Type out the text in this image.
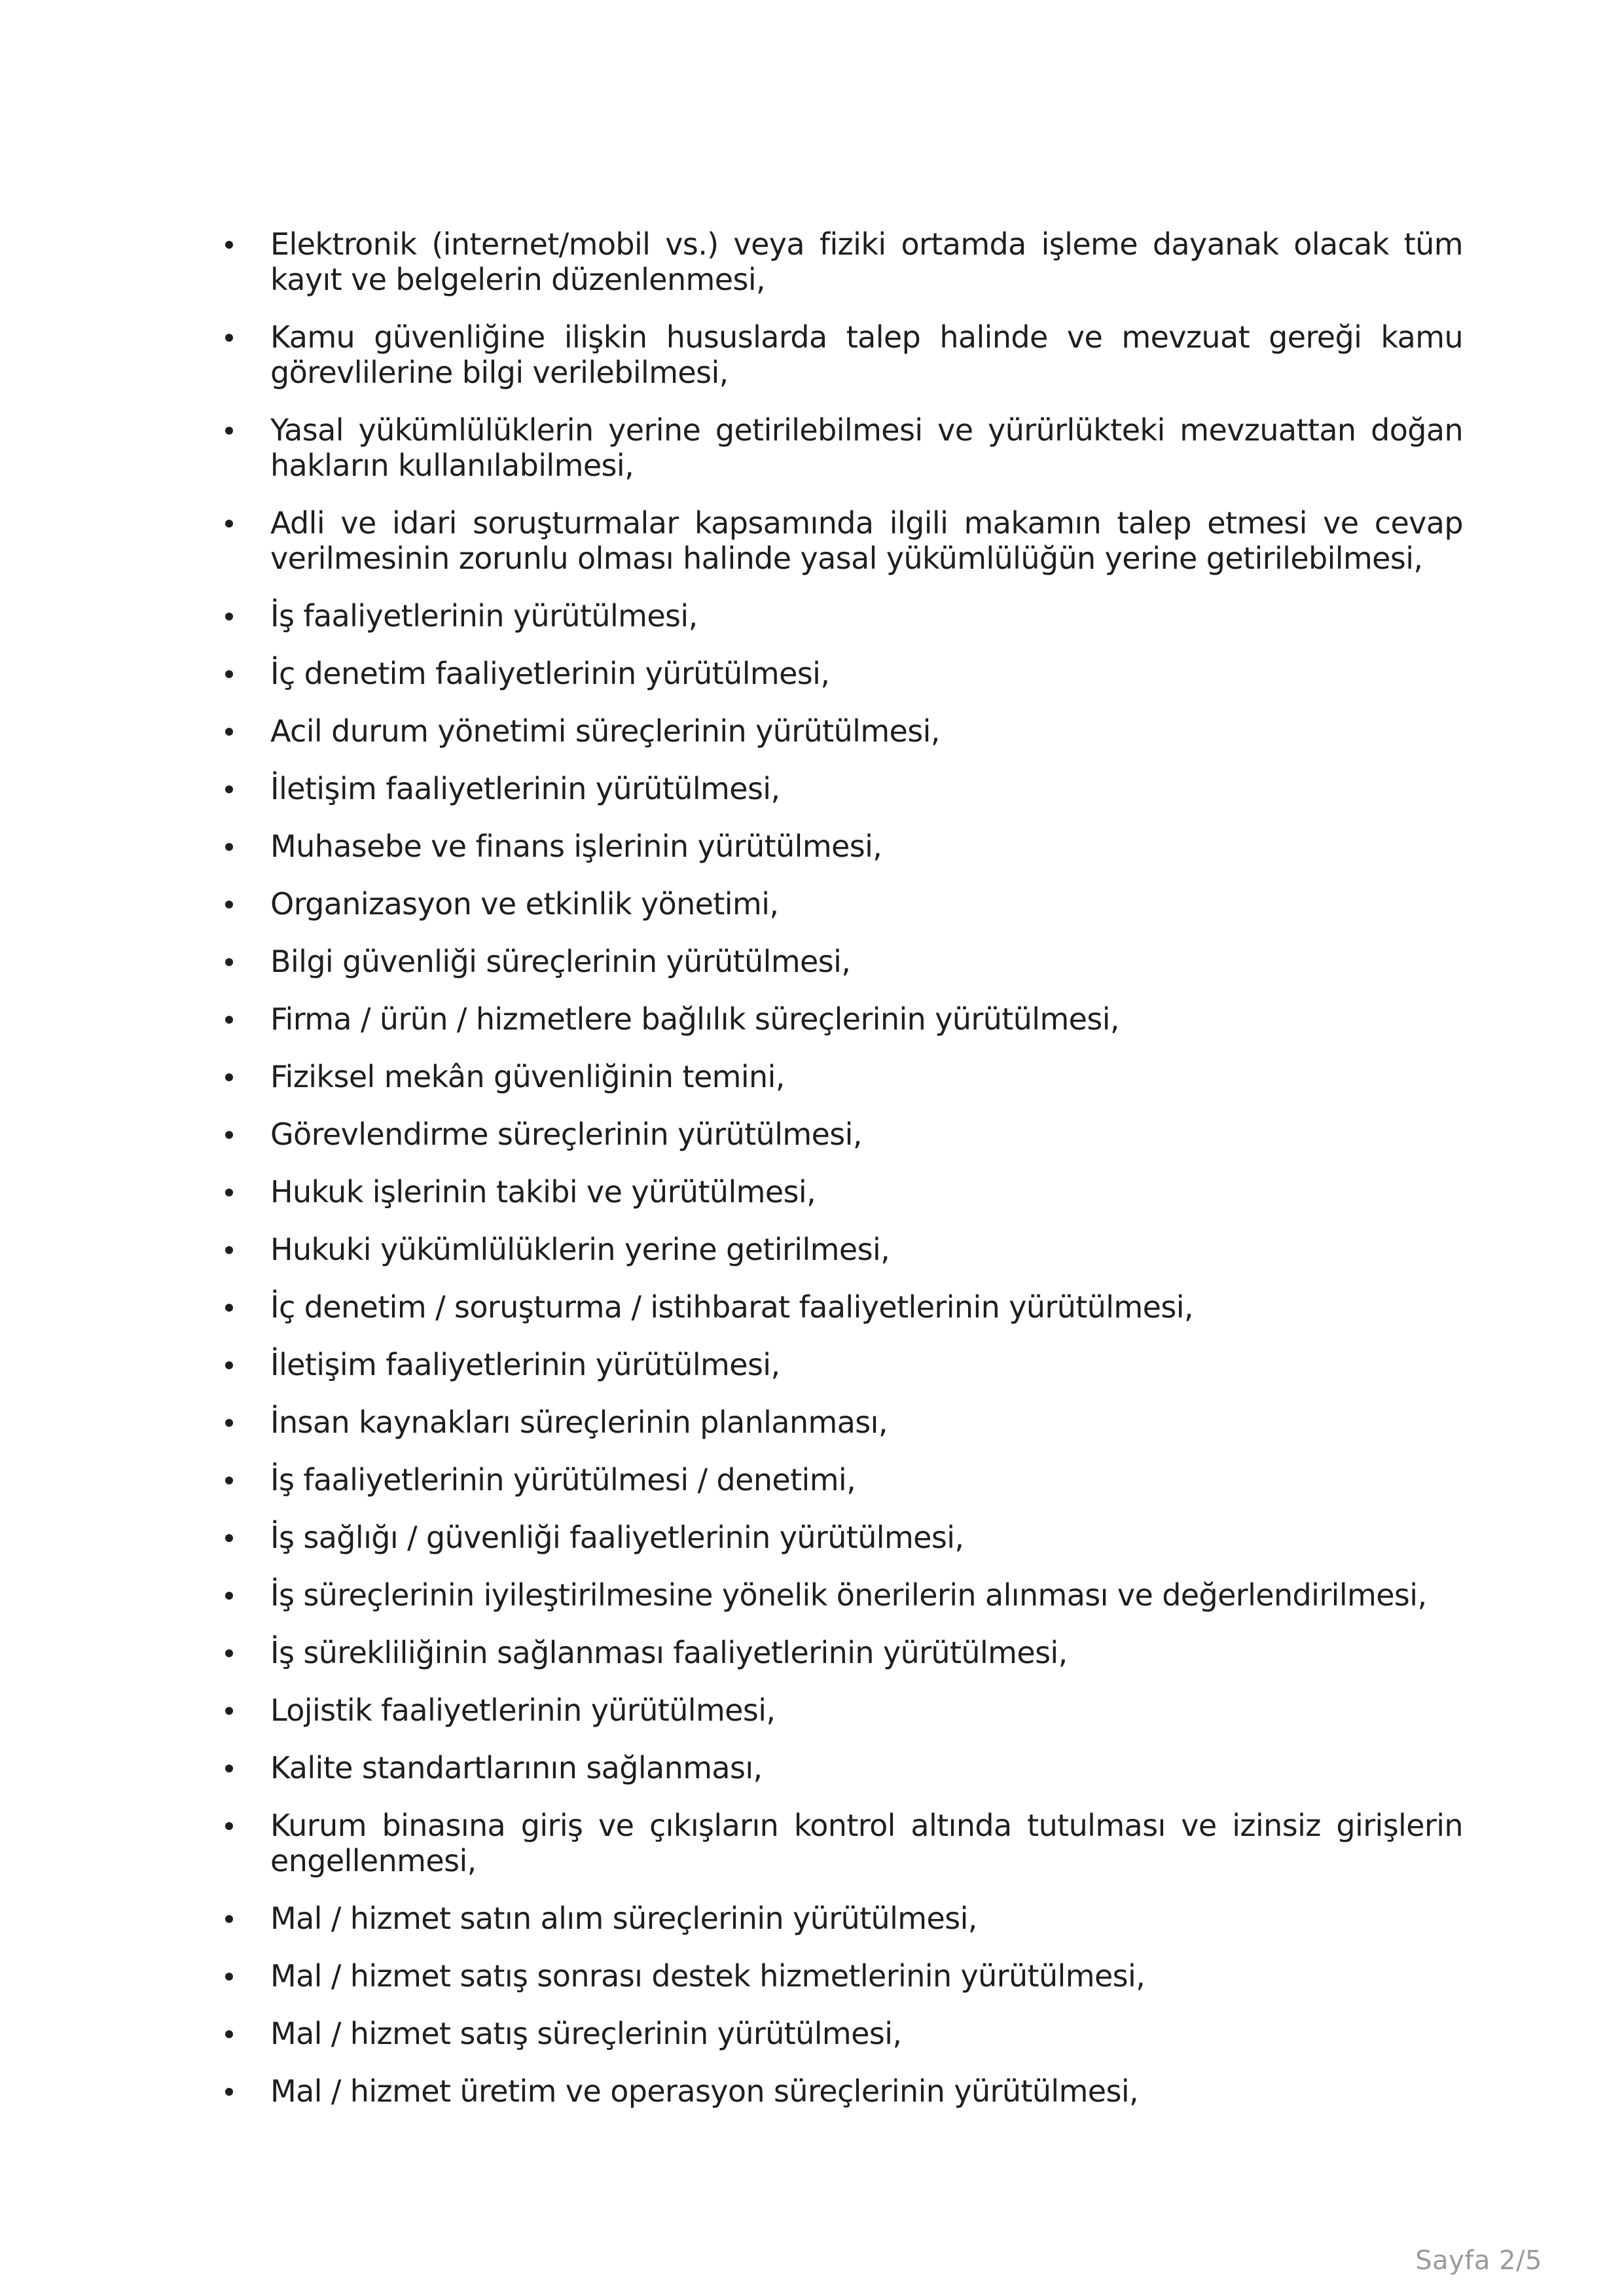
Elektronik (internet/mobil vs.) veya fiziki ortamda işleme dayanak olacak tüm kayıt ve belgelerin düzenlenmesi,
Kamu güvenliğine ilişkin hususlarda talep halinde ve mevzuat gereği kamu görevlilerine bilgi verilebilmesi,
Yasal yükümlülüklerin yerine getirilebilmesi ve yürürlükteki mevzuattan doğan hakların kullanılabilmesi,
Adli ve idari soruşturmalar kapsamında ilgili makamın talep etmesi ve cevap verilmesinin zorunlu olması halinde yasal yükümlülüğün yerine getirilebilmesi,
İş faaliyetlerinin yürütülmesi,
İç denetim faaliyetlerinin yürütülmesi,
Acil durum yönetimi süreçlerinin yürütülmesi,
İletişim faaliyetlerinin yürütülmesi,
Muhasebe ve finans işlerinin yürütülmesi,
Organizasyon ve etkinlik yönetimi,
Bilgi güvenliği süreçlerinin yürütülmesi,
Firma / ürün / hizmetlere bağlılık süreçlerinin yürütülmesi,
Fiziksel mekân güvenliğinin temini,
Görevlendirme süreçlerinin yürütülmesi,
Hukuk işlerinin takibi ve yürütülmesi,
Hukuki yükümlülüklerin yerine getirilmesi,
İç denetim / soruşturma / istihbarat faaliyetlerinin yürütülmesi,
İletişim faaliyetlerinin yürütülmesi,
İnsan kaynakları süreçlerinin planlanması,
İş faaliyetlerinin yürütülmesi / denetimi,
İş sağlığı / güvenliği faaliyetlerinin yürütülmesi,
İş süreçlerinin iyileştirilmesine yönelik önerilerin alınması ve değerlendirilmesi,
İş sürekliliğinin sağlanması faaliyetlerinin yürütülmesi,
Lojistik faaliyetlerinin yürütülmesi,
Kalite standartlarının sağlanması,
Kurum binasına giriş ve çıkışların kontrol altında tutulması ve izinsiz girişlerin engellenmesi,
Mal / hizmet satın alım süreçlerinin yürütülmesi,
Mal / hizmet satış sonrası destek hizmetlerinin yürütülmesi,
Mal / hizmet satış süreçlerinin yürütülmesi,
Mal / hizmet üretim ve operasyon süreçlerinin yürütülmesi,
Sayfa 2/5
